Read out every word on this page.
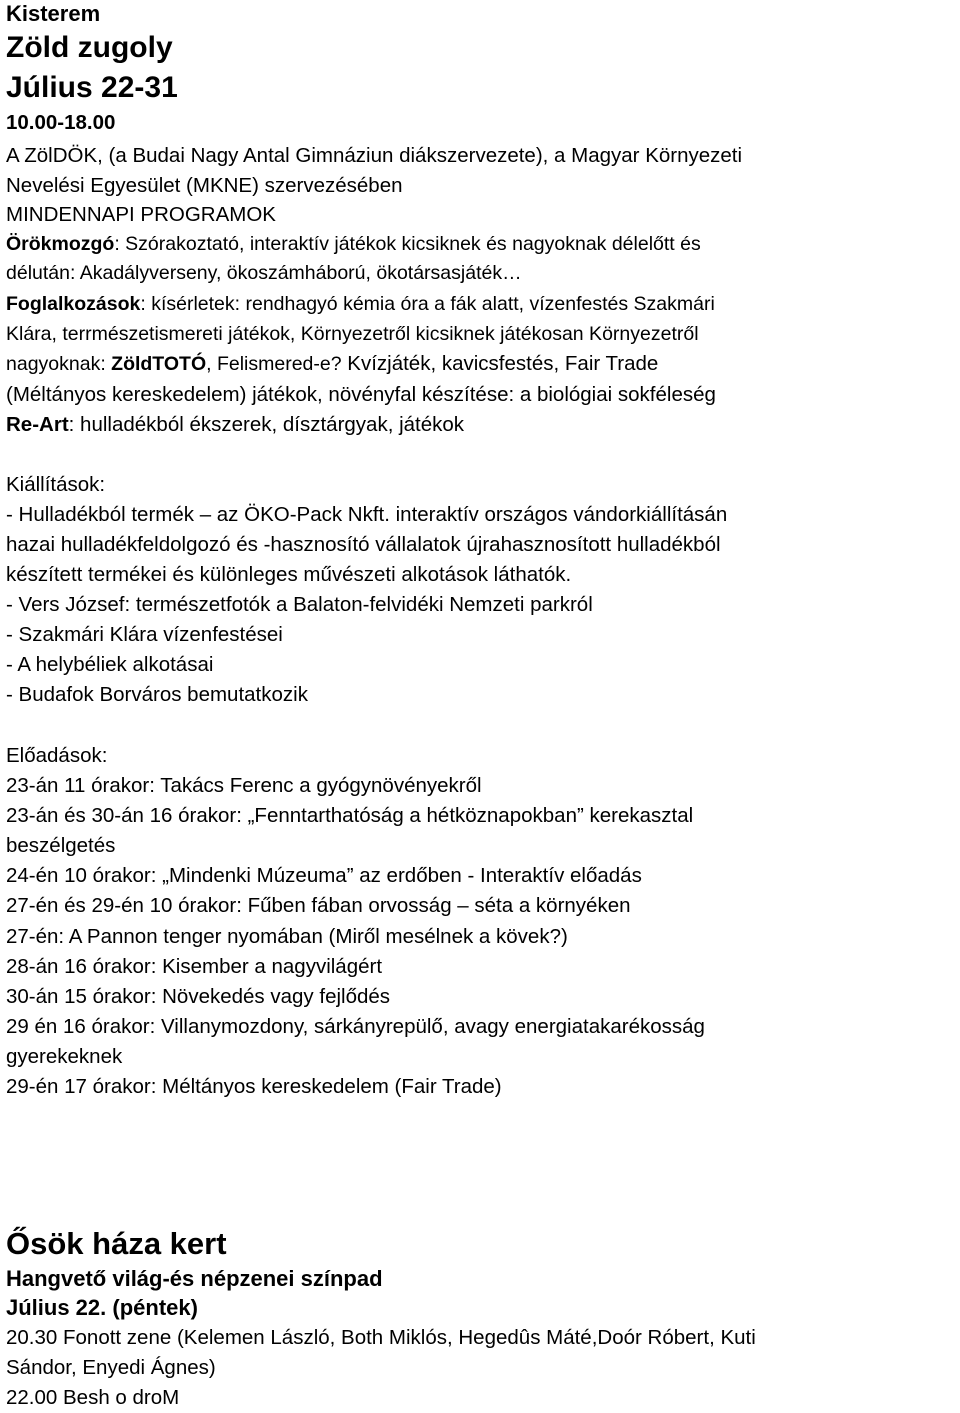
Kisterem
Zöld zugoly
Július 22-31
10.00-18.00
A ZölDÖK, (a Budai Nagy Antal Gimnáziun diákszervezete), a Magyar Környezeti
Nevelési Egyesület (MKNE) szervezésében
MINDENNAPI PROGRAMOK
Örökmozgó: Szórakoztató, interaktív játékok kicsiknek és nagyoknak délelőtt és
délután: Akadályverseny, ökoszámháború, ökotársasjáték…
Foglalkozások: kísérletek: rendhagyó kémia óra a fák alatt, vízenfestés Szakmári
Klára, terrmészetismereti játékok, Környezetről kicsiknek játékosan Környezetről
nagyoknak: ZöldTOTÓ, Felismered-e? Kvízjáték, kavicsfestés, Fair Trade
(Méltányos kereskedelem) játékok, növényfal készítése: a biológiai sokféleség
Re-Art: hulladékból ékszerek, dísztárgyak, játékok
Kiállítások:
- Hulladékból termék – az ÖKO-Pack Nkft. interaktív országos vándorkiállításán
hazai hulladékfeldolgozó és -hasznosító vállalatok újrahasznosított hulladékból
készített termékei és különleges művészeti alkotások láthatók.
- Vers József: természetfotók a Balaton-felvidéki Nemzeti parkról
- Szakmári Klára vízenfestései
- A helybéliek alkotásai
- Budafok Borváros bemutatkozik
Előadások:
23-án 11 órakor: Takács Ferenc a gyógynövényekről
23-án és 30-án 16 órakor: „Fenntarthatóság a hétköznapokban” kerekasztal
beszélgetés
24-én 10 órakor: „Mindenki Múzeuma” az erdőben - Interaktív előadás
27-én és 29-én 10 órakor: Fűben fában orvosság – séta a környéken
27-én: A Pannon tenger nyomában (Miről mesélnek a kövek?)
28-án 16 órakor: Kisember a nagyvilágért
30-án 15 órakor: Növekedés vagy fejlődés
29 én 16 órakor: Villanymozdony, sárkányrepülő, avagy energiatakarékosság
gyerekeknek
29-én 17 órakor: Méltányos kereskedelem (Fair Trade)
Ősök háza kert
Hangvető világ-és népzenei színpad
Július 22. (péntek)
20.30 Fonott zene (Kelemen László, Both Miklós, Hegedûs Máté,Doór Róbert, Kuti
Sándor, Enyedi Ágnes)
22.00 Besh o droM
